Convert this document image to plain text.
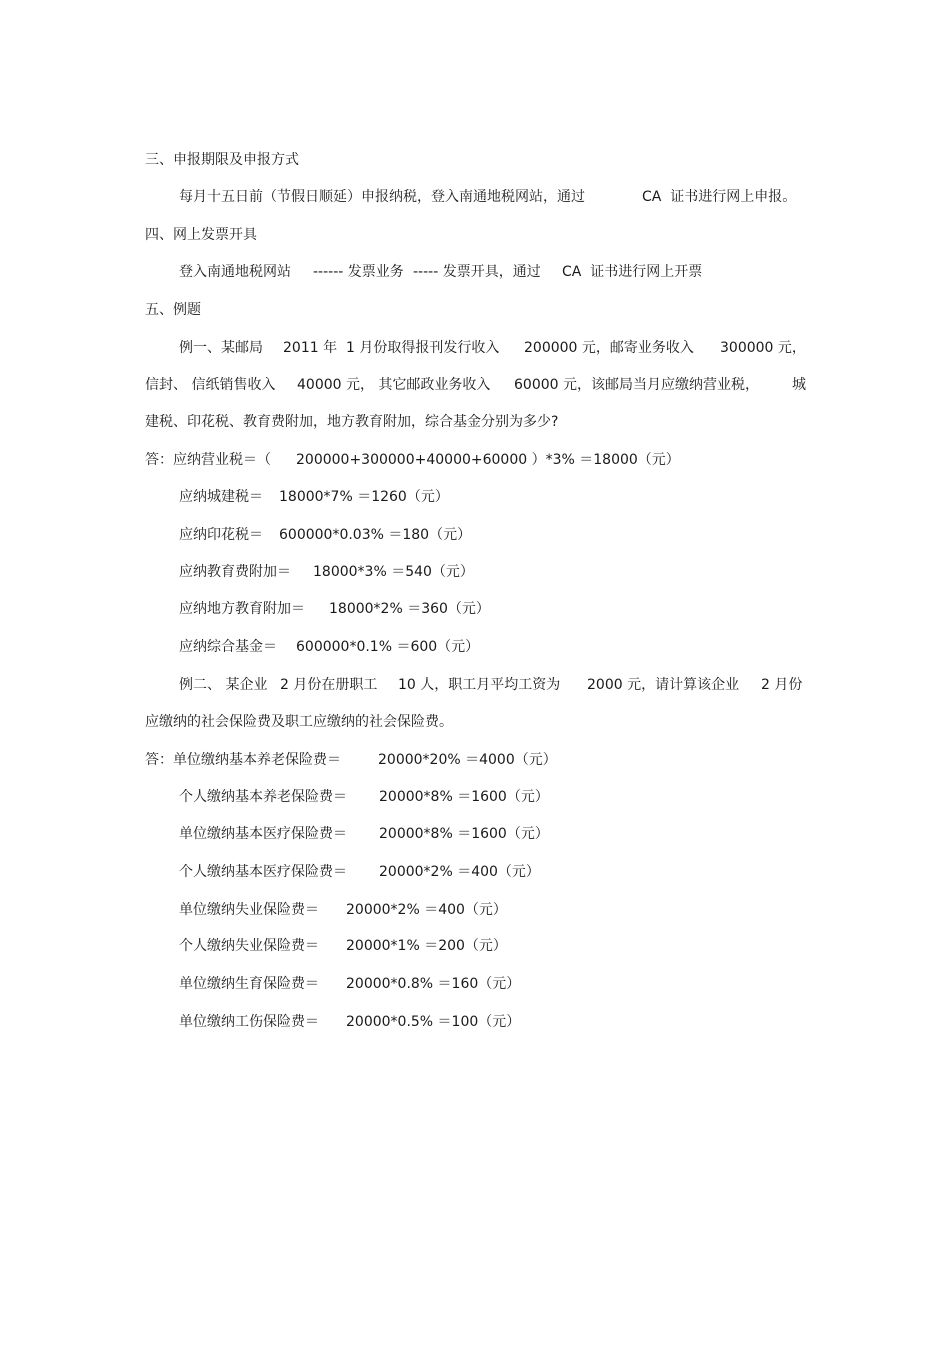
三、申报期限及申报方式

每月十五日前（节假日顺延）申报纳税，登入南通地税网站，通过

	CA  证书进行网上申报。

四、网上发票开具

登入南通地税网站

------ 发票业务

----- 发票开具，通过

CA  证书进行网上开票

五、例题

例一、某邮局

2011 年  1 月份取得报刊发行收入

200000 元，邮寄业务收入

300000 元，

信封、 信纸销售收入

40000 元， 其它邮政业务收入

60000 元，该邮局当月应缴纳营业税，

城

建税、印花税、教育费附加，地方教育附加，综合基金分别为多少?

答：应纳营业税＝（

200000+300000+40000+60000 ）*3% ＝18000（元）

应纳城建税＝

18000*7% ＝1260（元）

应纳印花税＝

600000*0.03% ＝180（元）

应纳教育费附加＝

18000*3% ＝540（元）

应纳地方教育附加＝

18000*2% ＝360（元）

应纳综合基金＝

600000*0.1% ＝600（元）

例二、 某企业

2 月份在册职工

10 人，职工月平均工资为

2000 元，请计算该企业

2 月份

应缴纳的社会保险费及职工应缴纳的社会保险费。

答：单位缴纳基本养老保险费＝

	20000*20% ＝4000（元）

个人缴纳基本养老保险费＝

20000*8% ＝1600（元）

单位缴纳基本医疗保险费＝

20000*8% ＝1600（元）

个人缴纳基本医疗保险费＝

20000*2% ＝400（元）

单位缴纳失业保险费＝

20000*2% ＝400（元）

个人缴纳失业保险费＝

20000*1% ＝200（元）

单位缴纳生育保险费＝

20000*0.8% ＝160（元）

单位缴纳工伤保险费＝

20000*0.5% ＝100（元）
